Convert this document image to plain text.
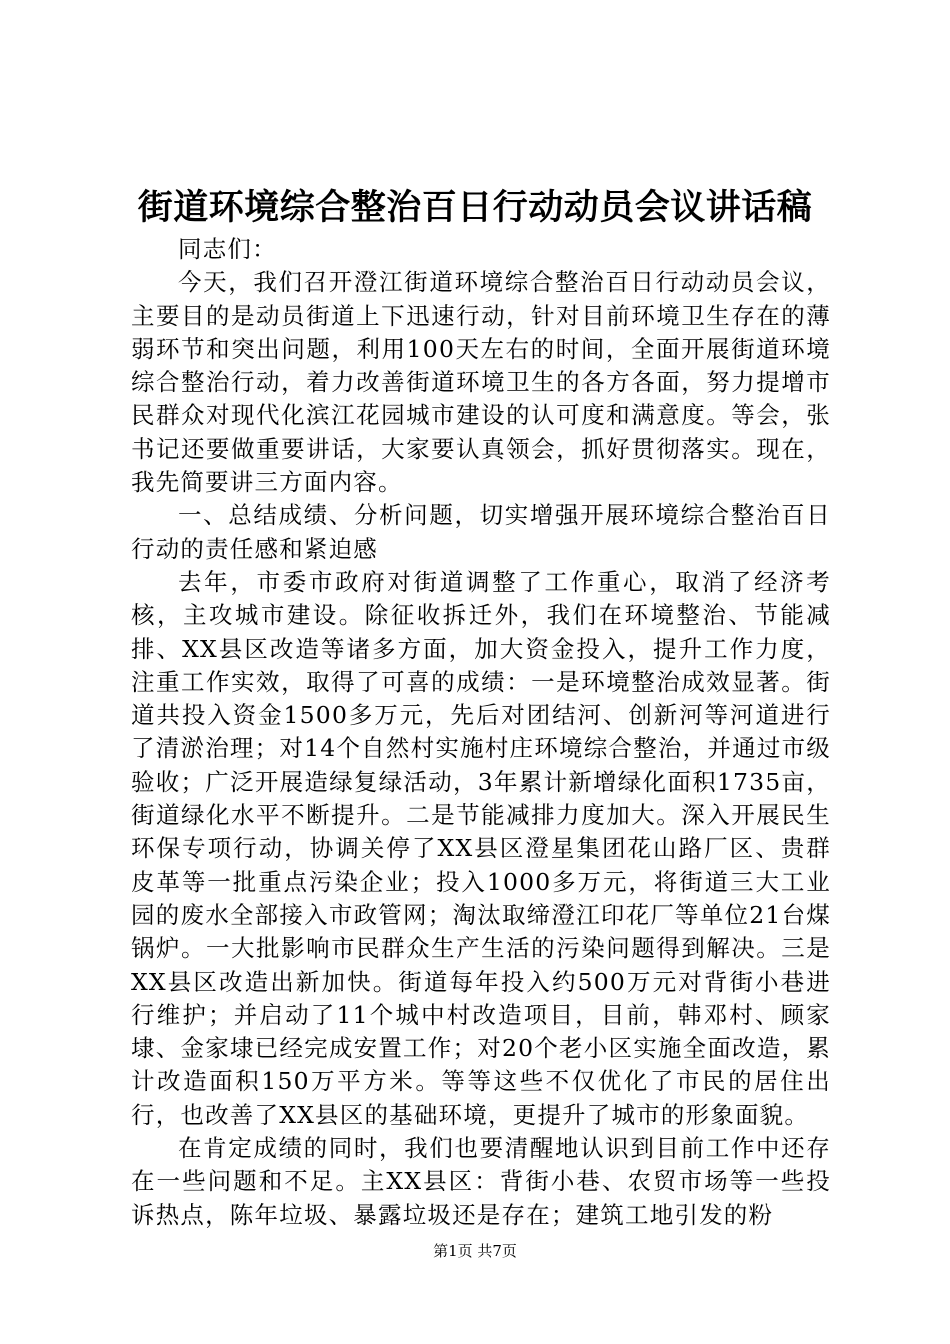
街道环境综合整治百日行动动员会议讲话稿

同志们：

今天，我们召开澄江街道环境综合整治百日行动动员会议，主要目的是动员街道上下迅速行动，针对目前环境卫生存在的薄弱环节和突出问题，利用100天左右的时间，全面开展街道环境综合整治行动，着力改善街道环境卫生的各方各面，努力提增市民群众对现代化滨江花园城市建设的认可度和满意度。等会，张书记还要做重要讲话，大家要认真领会，抓好贯彻落实。现在，我先简要讲三方面内容。

一、总结成绩、分析问题，切实增强开展环境综合整治百日行动的责任感和紧迫感

去年，市委市政府对街道调整了工作重心，取消了经济考核，主攻城市建设。除征收拆迁外，我们在环境整治、节能减排、XX县区改造等诸多方面，加大资金投入，提升工作力度，注重工作实效，取得了可喜的成绩：一是环境整治成效显著。街道共投入资金1500多万元，先后对团结河、创新河等河道进行了清淤治理；对14个自然村实施村庄环境综合整治，并通过市级验收；广泛开展造绿复绿活动，3年累计新增绿化面积1735亩，街道绿化水平不断提升。二是节能减排力度加大。深入开展民生环保专项行动，协调关停了XX县区澄星集团花山路厂区、贵群皮革等一批重点污染企业；投入1000多万元，将街道三大工业园的废水全部接入市政管网；淘汰取缔澄江印花厂等单位21台煤锅炉。一大批影响市民群众生产生活的污染问题得到解决。三是XX县区改造出新加快。街道每年投入约500万元对背街小巷进行维护；并启动了11个城中村改造项目，目前，韩邓村、顾家埭、金家埭已经完成安置工作；对20个老小区实施全面改造，累计改造面积150万平方米。等等这些不仅优化了市民的居住出行，也改善了XX县区的基础环境，更提升了城市的形象面貌。

在肯定成绩的同时，我们也要清醒地认识到目前工作中还存在一些问题和不足。主XX县区：背街小巷、农贸市场等一些投诉热点，陈年垃圾、暴露垃圾还是存在；建筑工地引发的粉

第1页 共7页
